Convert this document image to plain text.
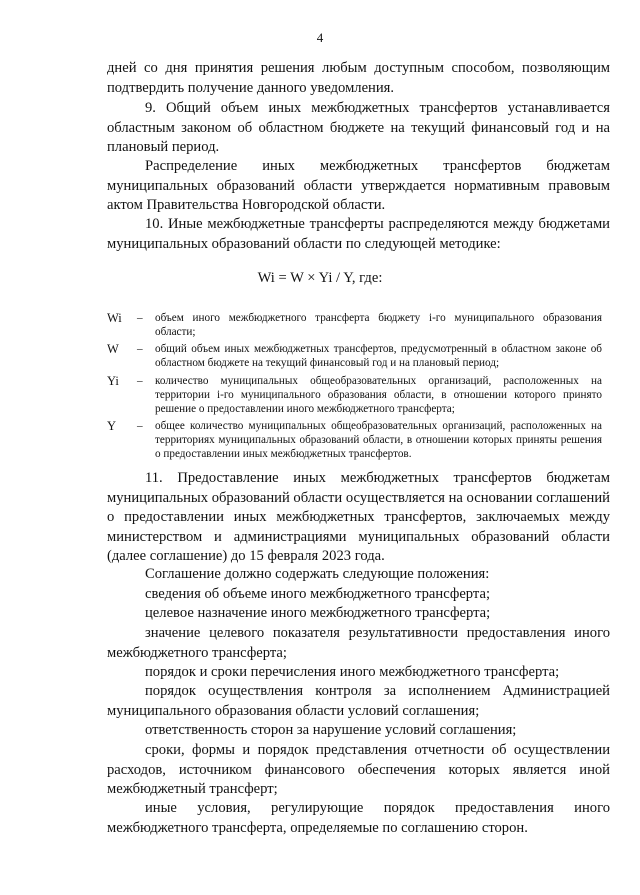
4

дней со дня принятия решения любым доступным способом, позволяющим подтвердить получение данного уведомления.

9. Общий объем иных межбюджетных трансфертов устанавливается областным законом об областном бюджете на текущий финансовый год и на плановый период.

Распределение иных межбюджетных трансфертов бюджетам муниципальных образований области утверждается нормативным правовым актом Правительства Новгородской области.

10. Иные межбюджетные трансферты распределяются между бюджетами муниципальных образований области по следующей методике:

Wi = W × Yi / Y, где:
Wi	– объем иного межбюджетного трансферта бюджету i-го муниципального образования области;
W	– общий объем иных межбюджетных трансфертов, предусмотренный в областном законе об областном бюджете на текущий финансовый год и на плановый период;
Yi	– количество муниципальных общеобразовательных организаций, расположенных на территории i-го муниципального образования области, в отношении которого принято решение о предоставлении иного межбюджетного трансферта;
Y	– общее количество муниципальных общеобразовательных организаций, расположенных на территориях муниципальных образований области, в отношении которых приняты решения о предоставлении иных межбюджетных трансфертов.

11. Предоставление иных межбюджетных трансфертов бюджетам муниципальных образований области осуществляется на основании соглашений о предоставлении иных межбюджетных трансфертов, заключаемых между министерством и администрациями муниципальных образований области (далее соглашение) до 15 февраля 2023 года.

Соглашение должно содержать следующие положения:

сведения об объеме иного межбюджетного трансферта;

целевое назначение иного межбюджетного трансферта;

значение целевого показателя результативности предоставления иного межбюджетного трансферта;

порядок и сроки перечисления иного межбюджетного трансферта;

порядок осуществления контроля за исполнением Администрацией муниципального образования области условий соглашения;

ответственность сторон за нарушение условий соглашения;

сроки, формы и порядок представления отчетности об осуществлении расходов, источником финансового обеспечения которых является иной межбюджетный трансферт;

иные условия, регулирующие порядок предоставления иного межбюджетного трансферта, определяемые по соглашению сторон.
